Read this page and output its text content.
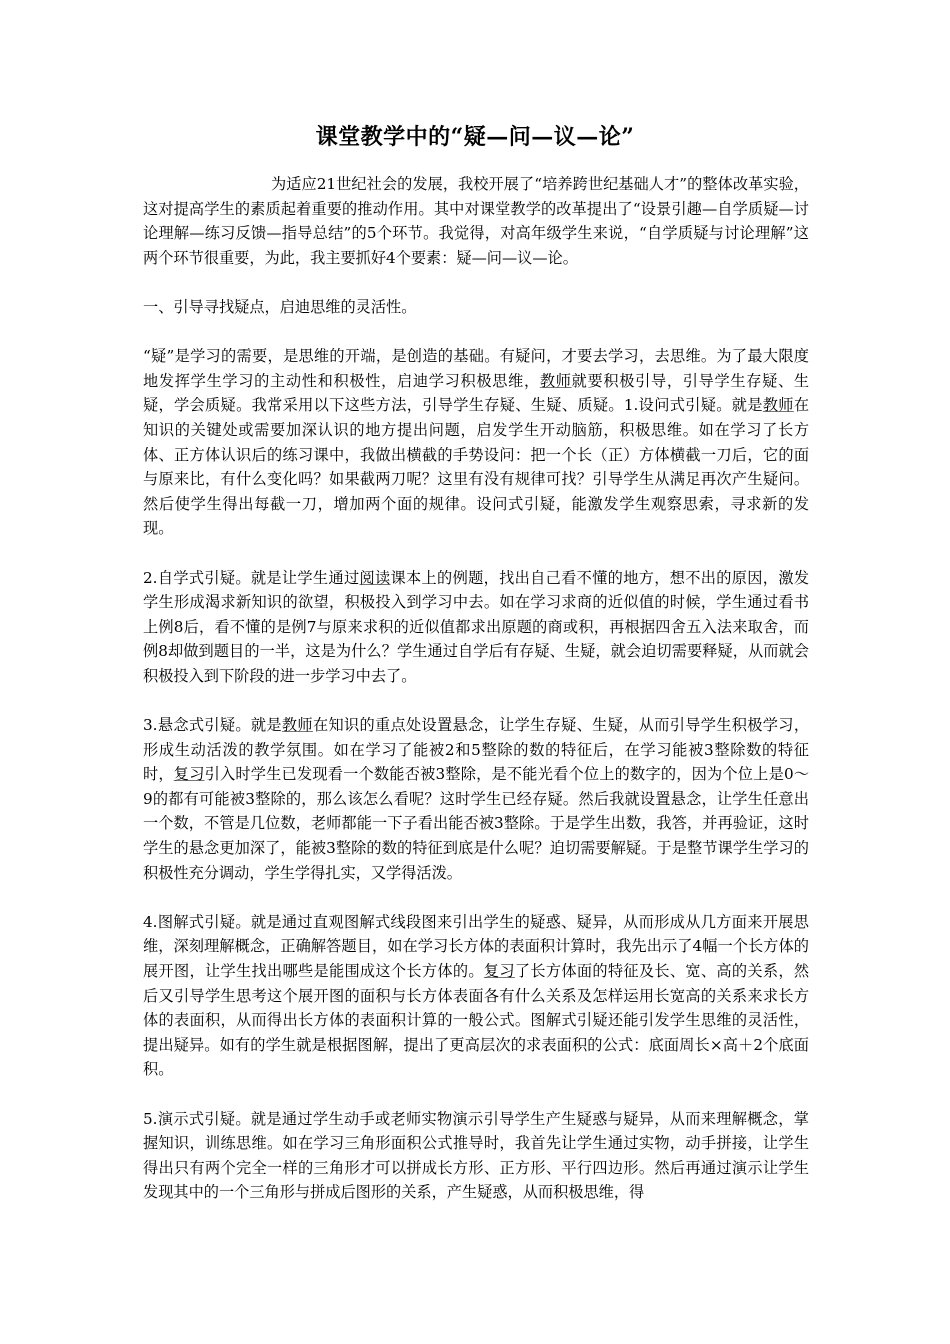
课堂教学中的“疑—问—议—论”

为适应21世纪社会的发展，我校开展了“培养跨世纪基础人才”的整体改革实验，这对提高学生的素质起着重要的推动作用。其中对课堂教学的改革提出了“设景引趣—自学质疑—讨论理解—练习反馈—指导总结”的5个环节。我觉得，对高年级学生来说，“自学质疑与讨论理解”这两个环节很重要，为此，我主要抓好4个要素：疑—问—议—论。

一、引导寻找疑点，启迪思维的灵活性。

“疑”是学习的需要，是思维的开端，是创造的基础。有疑问，才要去学习，去思维。为了最大限度地发挥学生学习的主动性和积极性，启迪学习积极思维，教师就要积极引导，引导学生存疑、生疑，学会质疑。我常采用以下这些方法，引导学生存疑、生疑、质疑。1.设问式引疑。就是教师在知识的关键处或需要加深认识的地方提出问题，启发学生开动脑筋，积极思维。如在学习了长方体、正方体认识后的练习课中，我做出横截的手势设问：把一个长（正）方体横截一刀后，它的面与原来比，有什么变化吗？如果截两刀呢？这里有没有规律可找？引导学生从满足再次产生疑问。然后使学生得出每截一刀，增加两个面的规律。设问式引疑，能激发学生观察思索，寻求新的发现。

2.自学式引疑。就是让学生通过阅读课本上的例题，找出自己看不懂的地方，想不出的原因，激发学生形成渴求新知识的欲望，积极投入到学习中去。如在学习求商的近似值的时候，学生通过看书上例8后，看不懂的是例7与原来求积的近似值都求出原题的商或积，再根据四舍五入法来取舍，而例8却做到题目的一半，这是为什么？学生通过自学后有存疑、生疑，就会迫切需要释疑，从而就会积极投入到下阶段的进一步学习中去了。

3.悬念式引疑。就是教师在知识的重点处设置悬念，让学生存疑、生疑，从而引导学生积极学习，形成生动活泼的教学氛围。如在学习了能被2和5整除的数的特征后，在学习能被3整除数的特征时，复习引入时学生已发现看一个数能否被3整除，是不能光看个位上的数字的，因为个位上是0～9的都有可能被3整除的，那么该怎么看呢？这时学生已经存疑。然后我就设置悬念，让学生任意出一个数，不管是几位数，老师都能一下子看出能否被3整除。于是学生出数，我答，并再验证，这时学生的悬念更加深了，能被3整除的数的特征到底是什么呢？迫切需要解疑。于是整节课学生学习的积极性充分调动，学生学得扎实，又学得活泼。

4.图解式引疑。就是通过直观图解式线段图来引出学生的疑惑、疑异，从而形成从几方面来开展思维，深刻理解概念，正确解答题目，如在学习长方体的表面积计算时，我先出示了4幅一个长方体的展开图，让学生找出哪些是能围成这个长方体的。复习了长方体面的特征及长、宽、高的关系，然后又引导学生思考这个展开图的面积与长方体表面各有什么关系及怎样运用长宽高的关系来求长方体的表面积，从而得出长方体的表面积计算的一般公式。图解式引疑还能引发学生思维的灵活性，提出疑异。如有的学生就是根据图解，提出了更高层次的求表面积的公式：底面周长×高＋2个底面积。

5.演示式引疑。就是通过学生动手或老师实物演示引导学生产生疑惑与疑异，从而来理解概念，掌握知识，训练思维。如在学习三角形面积公式推导时，我首先让学生通过实物，动手拼接，让学生得出只有两个完全一样的三角形才可以拼成长方形、正方形、平行四边形。然后再通过演示让学生发现其中的一个三角形与拼成后图形的关系，产生疑惑，从而积极思维，得
